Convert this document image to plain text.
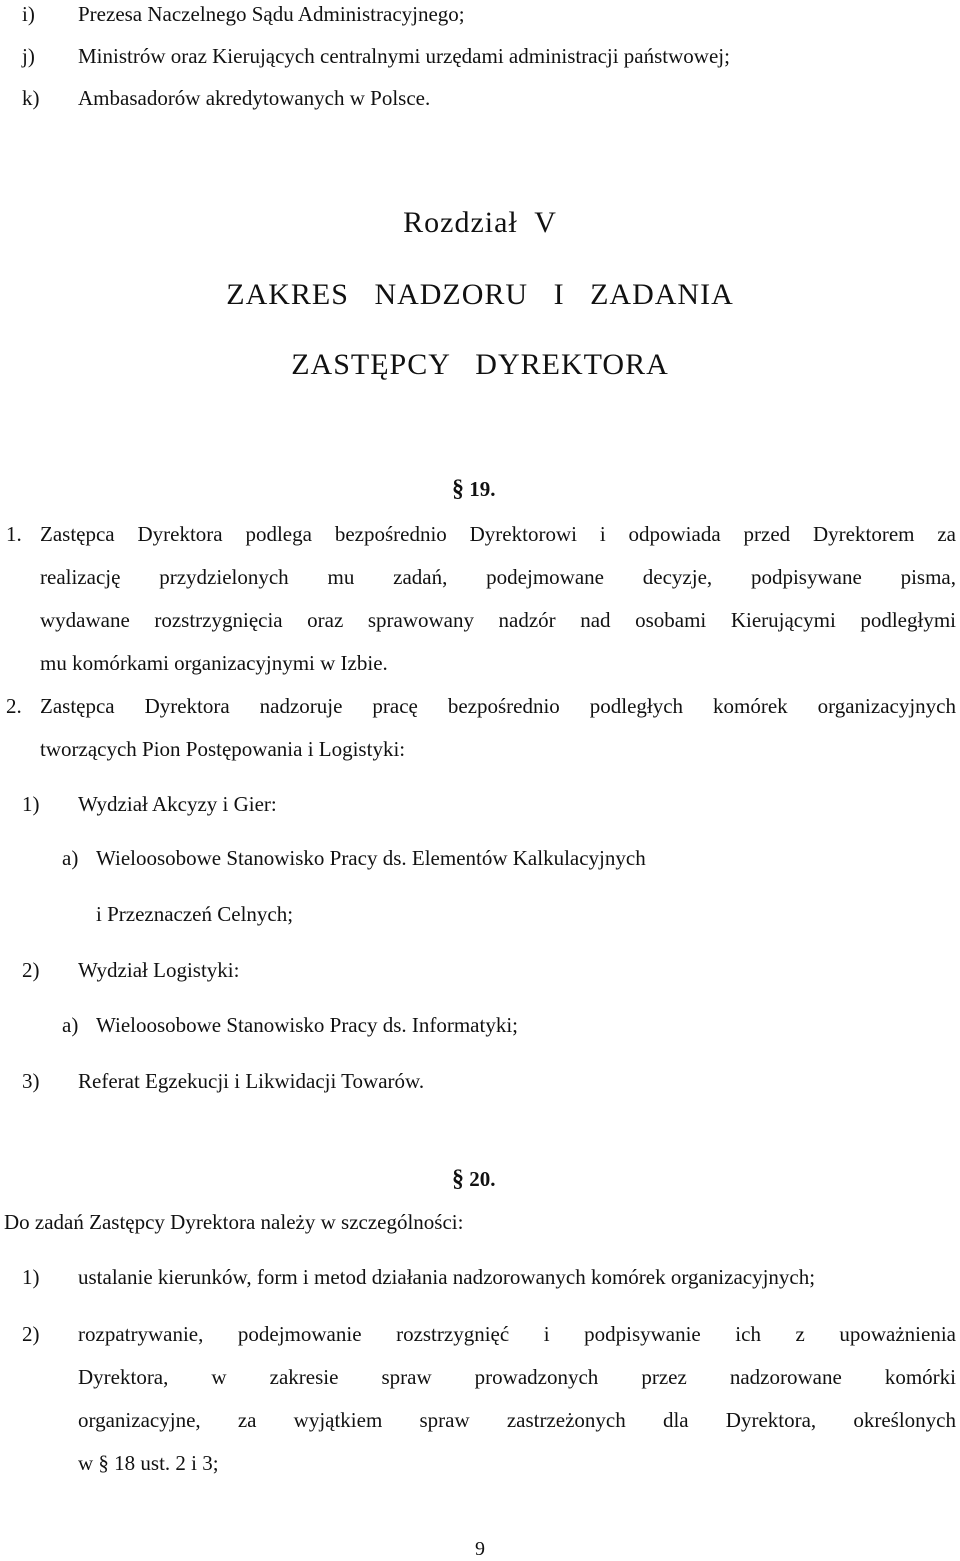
i) Prezesa Naczelnego Sądu Administracyjnego;
j) Ministrów oraz Kierujących centralnymi urzędami administracji państwowej;
k) Ambasadorów akredytowanych w Polsce.
Rozdział  V
ZAKRES   NADZORU   I   ZADANIA
ZASTĘPCY   DYREKTORA
§ 19.
1. Zastępca Dyrektora podlega bezpośrednio Dyrektorowi i odpowiada przed Dyrektorem za
realizację przydzielonych mu zadań, podejmowane decyzje, podpisywane pisma,
wydawane rozstrzygnięcia oraz sprawowany nadzór nad osobami Kierującymi podległymi
mu komórkami organizacyjnymi w Izbie.
2. Zastępca Dyrektora nadzoruje pracę bezpośrednio podległych komórek organizacyjnych
tworzących Pion Postępowania i Logistyki:
1) Wydział Akcyzy i Gier:
a) Wieloosobowe Stanowisko Pracy ds. Elementów Kalkulacyjnych
i Przeznaczeń Celnych;
2) Wydział Logistyki:
a) Wieloosobowe Stanowisko Pracy ds. Informatyki;
3) Referat Egzekucji i Likwidacji Towarów.
§ 20.
Do zadań Zastępcy Dyrektora należy w szczególności:
1) ustalanie kierunków, form i metod działania nadzorowanych komórek organizacyjnych;
2) rozpatrywanie, podejmowanie rozstrzygnięć i podpisywanie ich z upoważnienia
Dyrektora, w zakresie spraw prowadzonych przez nadzorowane komórki
organizacyjne, za wyjątkiem spraw zastrzeżonych dla Dyrektora, określonych
w § 18 ust. 2 i 3;
9
